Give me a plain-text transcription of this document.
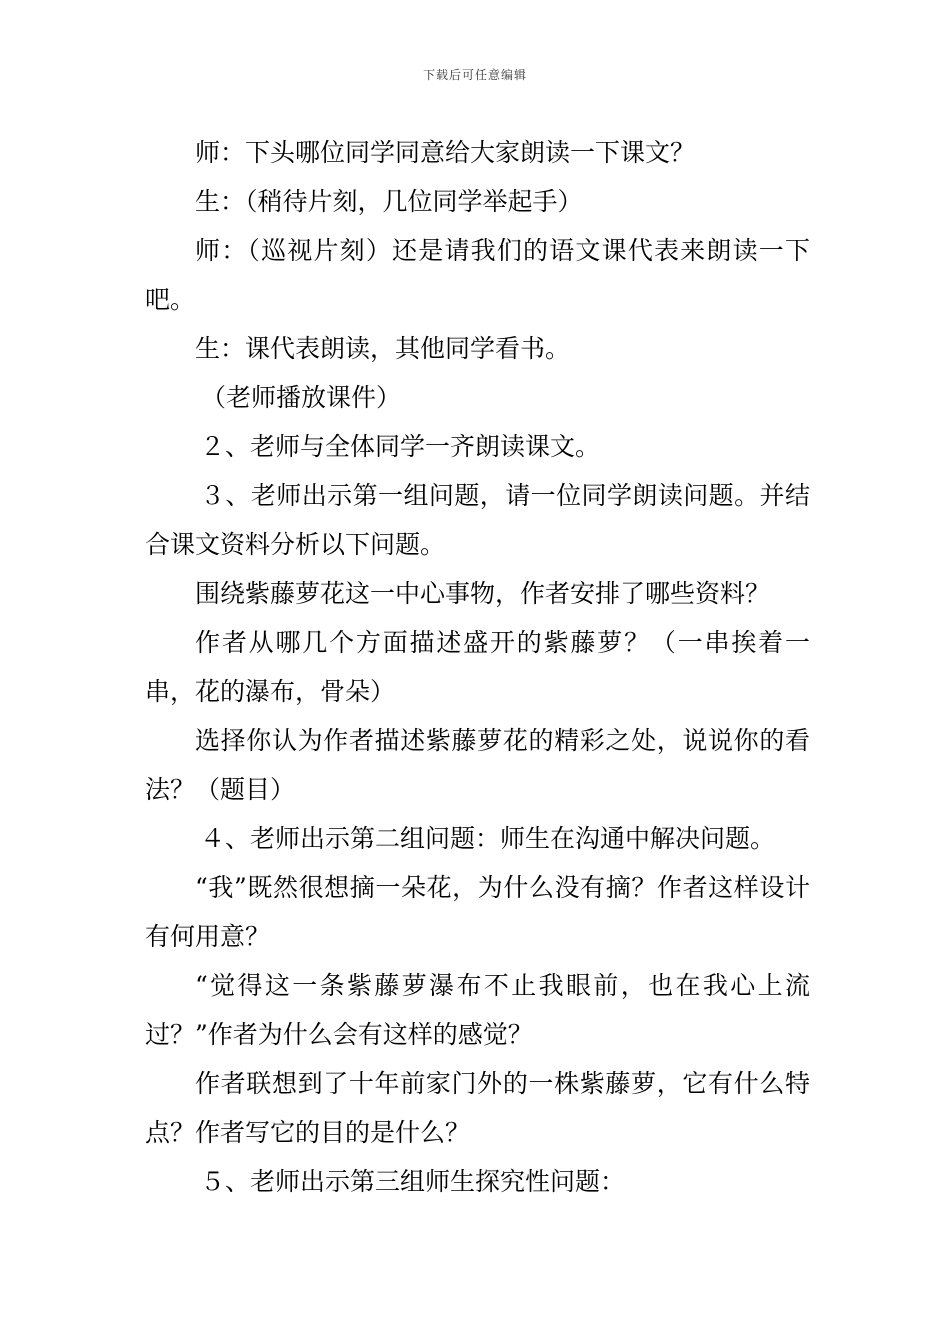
下载后可任意编辑

师：下头哪位同学同意给大家朗读一下课文？

生：（稍待片刻，几位同学举起手）

师：（巡视片刻）还是请我们的语文课代表来朗读一下吧。

生：课代表朗读，其他同学看书。

（老师播放课件）

２、老师与全体同学一齐朗读课文。

３、老师出示第一组问题，请一位同学朗读问题。并结合课文资料分析以下问题。

围绕紫藤萝花这一中心事物，作者安排了哪些资料？

作者从哪几个方面描述盛开的紫藤萝？（一串挨着一串，花的瀑布，骨朵）

选择你认为作者描述紫藤萝花的精彩之处，说说你的看法？（题目）

４、老师出示第二组问题：师生在沟通中解决问题。

“我”既然很想摘一朵花，为什么没有摘？作者这样设计有何用意？

“觉得这一条紫藤萝瀑布不止我眼前，也在我心上流过？”作者为什么会有这样的感觉？

作者联想到了十年前家门外的一株紫藤萝，它有什么特点？作者写它的目的是什么？

５、老师出示第三组师生探究性问题：
